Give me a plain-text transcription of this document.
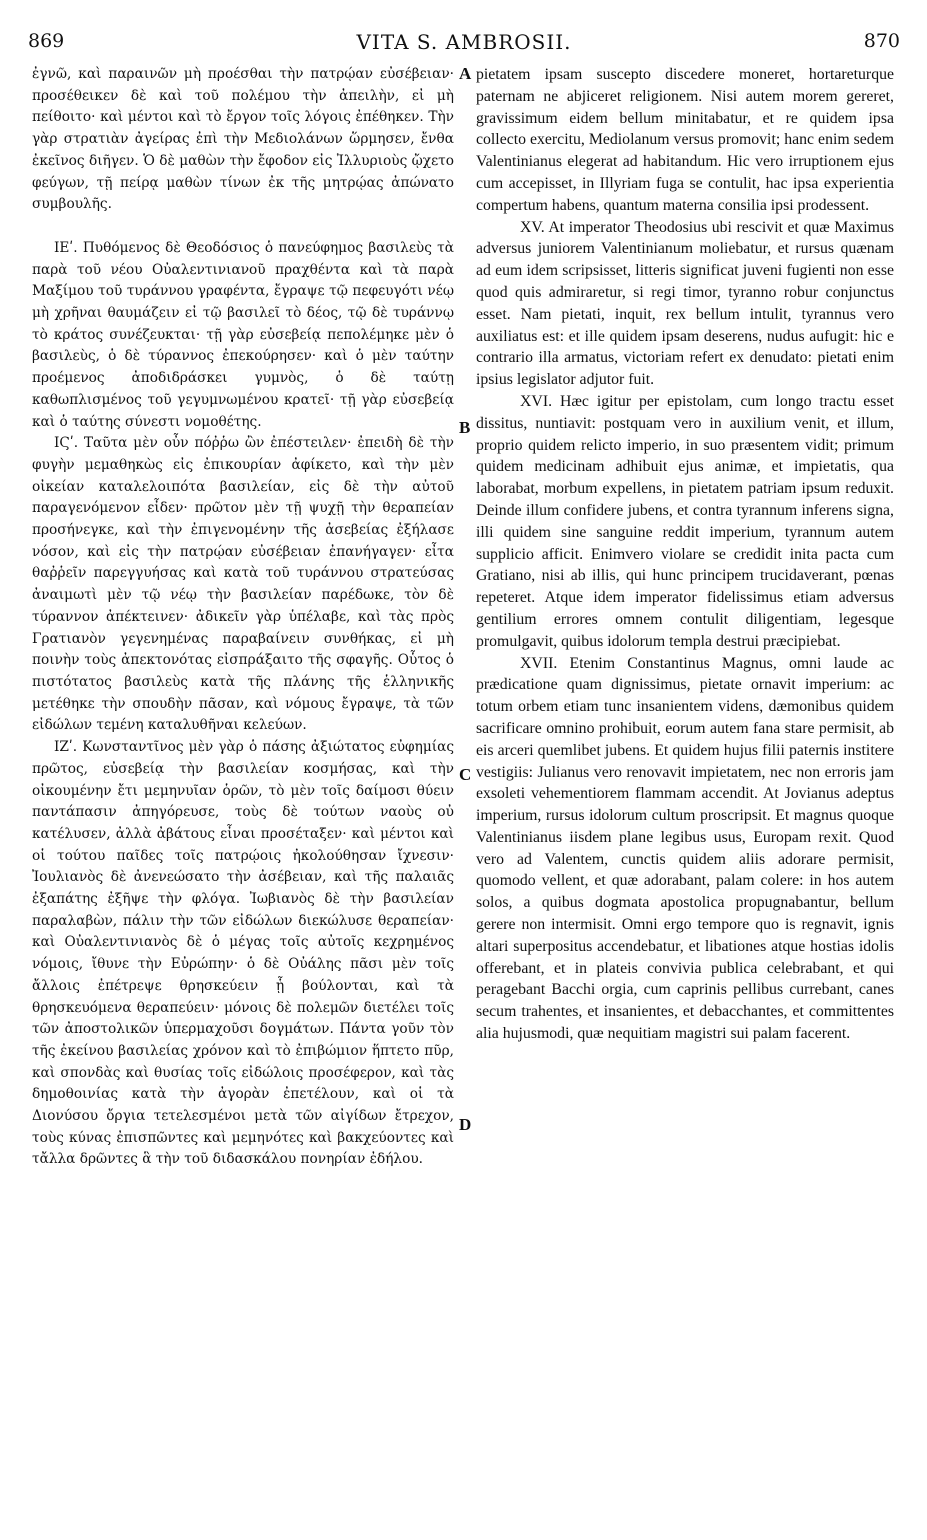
869	VITA S. AMBROSII.	870

ἐγνῶ, καὶ παραινῶν μὴ προέσθαι τὴν πατρῴαν εὐσέβειαν· προσέθεικεν δὲ καὶ τοῦ πολέμου τὴν ἀπειλὴν, εἰ μὴ πείθοιτο· καὶ μέντοι καὶ τὸ ἔργον τοῖς λόγοις ἐπέθηκεν. Τὴν γὰρ στρατιὰν ἀγείρας ἐπὶ τὴν Μεδιολάνων ὥρμησεν, ἔνθα ἐκεῖνος διῆγεν. Ὁ δὲ μαθὼν τὴν ἔφοδον εἰς Ἰλλυριοὺς ᾤχετο φεύγων, τῇ πείρᾳ μαθὼν τίνων ἐκ τῆς μητρῴας ἀπώνατο συμβουλῆς.

ΙΕʹ. Πυθόμενος δὲ Θεοδόσιος ὁ πανεύφημος βασιλεὺς τὰ παρὰ τοῦ νέου Οὐαλεντινιανοῦ πραχθέντα καὶ τὰ παρὰ Μαξίμου τοῦ τυράννου γραφέντα, ἔγραψε τῷ πεφευγότι νέῳ μὴ χρῆναι θαυμάζειν εἰ τῷ βασιλεῖ τὸ δέος, τῷ δὲ τυράννῳ τὸ κράτος συνέζευκται· τῇ γὰρ εὐσεβείᾳ πεπολέμηκε μὲν ὁ βασιλεὺς, ὁ δὲ τύραννος ἐπεκούρησεν· καὶ ὁ μὲν ταύτην προέμενος ἀποδιδράσκει γυμνὸς, ὁ δὲ ταύτῃ καθωπλισμένος τοῦ γεγυμνωμένου κρατεῖ· τῇ γὰρ εὐσεβείᾳ καὶ ὁ ταύτης σύνεστι νομοθέτης.

ΙϚʹ. Ταῦτα μὲν οὖν πόῤῥω ὢν ἐπέστειλεν· ἐπειδὴ δὲ τὴν φυγὴν μεμαθηκὼς εἰς ἐπικουρίαν ἀφίκετο, καὶ τὴν μὲν οἰκείαν καταλελοιπότα βασιλείαν, εἰς δὲ τὴν αὐτοῦ παραγενόμενον εἶδεν· πρῶτον μὲν τῇ ψυχῇ τὴν θεραπείαν προσήνεγκε, καὶ τὴν ἐπιγενομένην τῆς ἀσεβείας ἐξήλασε νόσον, καὶ εἰς τὴν πατρῴαν εὐσέβειαν ἐπανήγαγεν· εἶτα θαῤῥεῖν παρεγγυήσας καὶ κατὰ τοῦ τυράννου στρατεύσας ἀναιμωτὶ μὲν τῷ νέῳ τὴν βασιλείαν παρέδωκε, τὸν δὲ τύραννον ἀπέκτεινεν· ἀδικεῖν γὰρ ὑπέλαβε, καὶ τὰς πρὸς Γρατιανὸν γεγενημένας παραβαίνειν συνθήκας, εἰ μὴ ποινὴν τοὺς ἀπεκτονότας εἰσπράξαιτο τῆς σφαγῆς. Οὗτος ὁ πιστότατος βασιλεὺς κατὰ τῆς πλάνης τῆς ἑλληνικῆς μετέθηκε τὴν σπουδὴν πᾶσαν, καὶ νόμους ἔγραψε, τὰ τῶν εἰδώλων τεμένη καταλυθῆναι κελεύων.

ΙΖʹ. Κωνσταντῖνος μὲν γὰρ ὁ πάσης ἀξιώτατος εὐφημίας πρῶτος, εὐσεβείᾳ τὴν βασιλείαν κοσμήσας, καὶ τὴν οἰκουμένην ἔτι μεμηνυῖαν ὁρῶν, τὸ μὲν τοῖς δαίμοσι θύειν παντάπασιν ἀπηγόρευσε, τοὺς δὲ τούτων ναοὺς οὐ κατέλυσεν, ἀλλὰ ἀβάτους εἶναι προσέταξεν· καὶ μέντοι καὶ οἱ τούτου παῖδες τοῖς πατρῴοις ἠκολούθησαν ἴχνεσιν· Ἰουλιανὸς δὲ ἀνενεώσατο τὴν ἀσέβειαν, καὶ τῆς παλαιᾶς ἐξαπάτης ἐξῆψε τὴν φλόγα. Ἰωβιανὸς δὲ τὴν βασιλείαν παραλαβὼν, πάλιν τὴν τῶν εἰδώλων διεκώλυσε θεραπείαν· καὶ Οὐαλεντινιανὸς δὲ ὁ μέγας τοῖς αὐτοῖς κεχρημένος νόμοις, ἴθυνε τὴν Εὐρώπην· ὁ δὲ Οὐάλης πᾶσι μὲν τοῖς ἄλλοις ἐπέτρεψε θρησκεύειν ᾗ βούλονται, καὶ τὰ θρησκευόμενα θεραπεύειν· μόνοις δὲ πολεμῶν διετέλει τοῖς τῶν ἀποστολικῶν ὑπερμαχοῦσι δογμάτων. Πάντα γοῦν τὸν τῆς ἐκείνου βασιλείας χρόνον καὶ τὸ ἐπιβώμιον ἥπτετο πῦρ, καὶ σπονδὰς καὶ θυσίας τοῖς εἰδώλοις προσέφερον, καὶ τὰς δημοθοινίας κατὰ τὴν ἀγορὰν ἐπετέλουν, καὶ οἱ τὰ Διονύσου ὄργια τετελεσμένοι μετὰ τῶν αἰγίδων ἔτρεχον, τοὺς κύνας ἐπισπῶντες καὶ μεμηνότες καὶ βακχεύοντες καὶ τἄλλα δρῶντες ἃ τὴν τοῦ διδασκάλου πονηρίαν ἐδήλου.

A
B
C
D

pietatem ipsam suscepto discedere moneret, hortareturque paternam ne abjiceret religionem. Nisi autem morem gereret, gravissimum eidem bellum minitabatur, et re quidem ipsa collecto exercitu, Mediolanum versus promovit; hanc enim sedem Valentinianus elegerat ad habitandum. Hic vero irruptionem ejus cum accepisset, in Illyriam fuga se contulit, hac ipsa experientia compertum habens, quantum materna consilia ipsi prodessent.

XV. At imperator Theodosius ubi rescivit et quæ Maximus adversus juniorem Valentinianum moliebatur, et rursus quænam ad eum idem scripsisset, litteris significat juveni fugienti non esse quod quis admiraretur, si regi timor, tyranno robur conjunctus esset. Nam pietati, inquit, rex bellum intulit, tyrannus vero auxiliatus est: et ille quidem ipsam deserens, nudus aufugit: hic e contrario illa armatus, victoriam refert ex denudato: pietati enim ipsius legislator adjutor fuit.

XVI. Hæc igitur per epistolam, cum longo tractu esset dissitus, nuntiavit: postquam vero in auxilium venit, et illum, proprio quidem relicto imperio, in suo præsentem vidit; primum quidem medicinam adhibuit ejus animæ, et impietatis, qua laborabat, morbum expellens, in pietatem patriam ipsum reduxit. Deinde illum confidere jubens, et contra tyrannum inferens signa, illi quidem sine sanguine reddit imperium, tyrannum autem supplicio afficit. Enimvero violare se credidit inita pacta cum Gratiano, nisi ab illis, qui hunc principem trucidaverant, pœnas repeteret. Atque idem imperator fidelissimus etiam adversus gentilium errores omnem contulit diligentiam, legesque promulgavit, quibus idolorum templa destrui præcipiebat.

XVII. Etenim Constantinus Magnus, omni laude ac prædicatione quam dignissimus, pietate ornavit imperium: ac totum orbem etiam tunc insanientem videns, dæmonibus quidem sacrificare omnino prohibuit, eorum autem fana stare permisit, ab eis arceri quemlibet jubens. Et quidem hujus filii paternis institere vestigiis: Julianus vero renovavit impietatem, nec non erroris jam exsoleti vehementiorem flammam accendit. At Jovianus adeptus imperium, rursus idolorum cultum proscripsit. Et magnus quoque Valentinianus iisdem plane legibus usus, Europam rexit. Quod vero ad Valentem, cunctis quidem aliis adorare permisit, quomodo vellent, et quæ adorabant, palam colere: in hos autem solos, a quibus dogmata apostolica propugnabantur, bellum gerere non intermisit. Omni ergo tempore quo is regnavit, ignis altari superpositus accendebatur, et libationes atque hostias idolis offerebant, et in plateis convivia publica celebrabant, et qui peragebant Bacchi orgia, cum caprinis pellibus currebant, canes secum trahentes, et insanientes, et debacchantes, et committentes alia hujusmodi, quæ nequitiam magistri sui palam facerent.
